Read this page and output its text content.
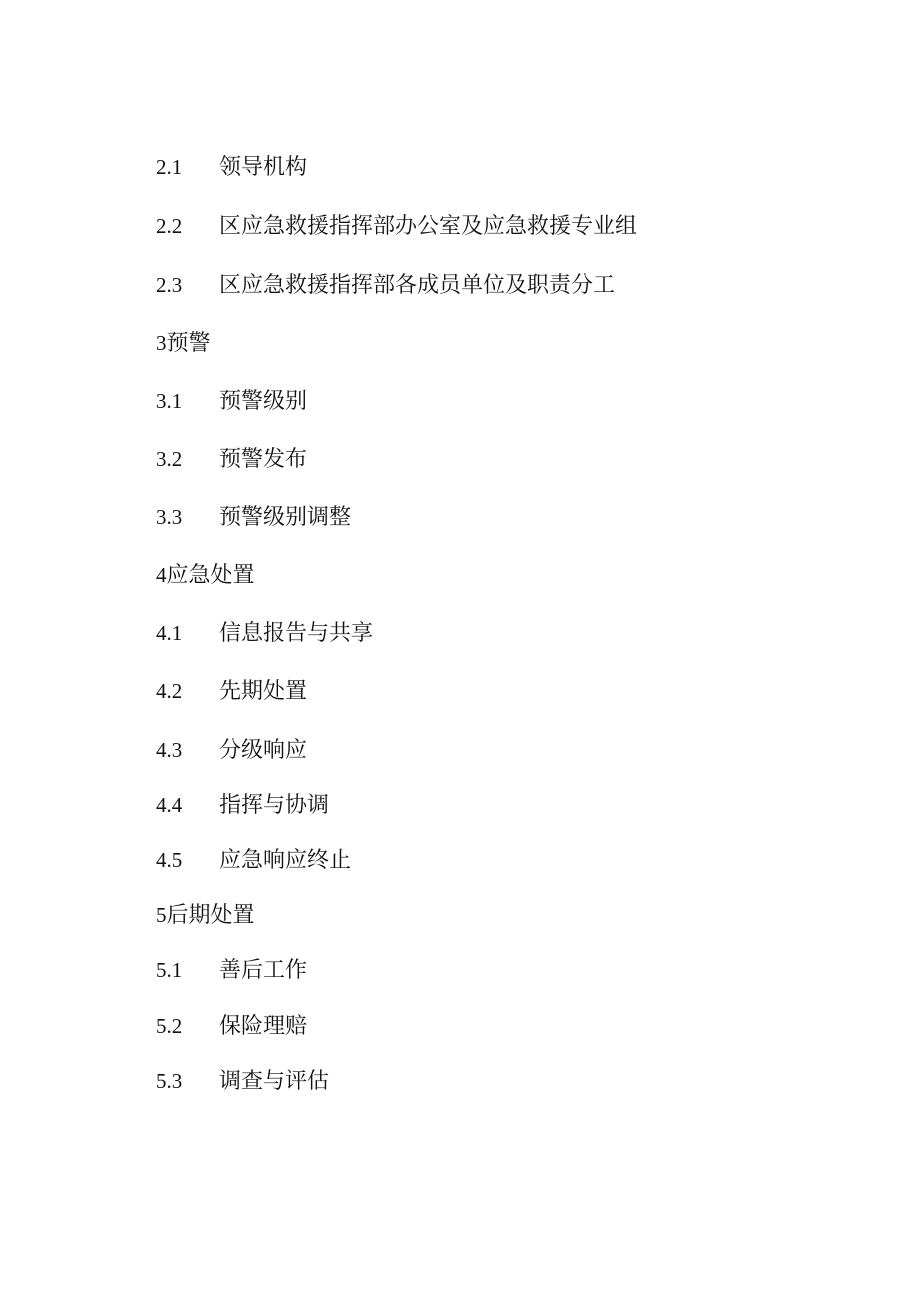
2.1 领导机构
2.2 区应急救援指挥部办公室及应急救援专业组
2.3 区应急救援指挥部各成员单位及职责分工
3预警
3.1 预警级别
3.2 预警发布
3.3 预警级别调整
4应急处置
4.1 信息报告与共享
4.2 先期处置
4.3 分级响应
4.4 指挥与协调
4.5 应急响应终止
5后期处置
5.1 善后工作
5.2 保险理赔
5.3 调查与评估
